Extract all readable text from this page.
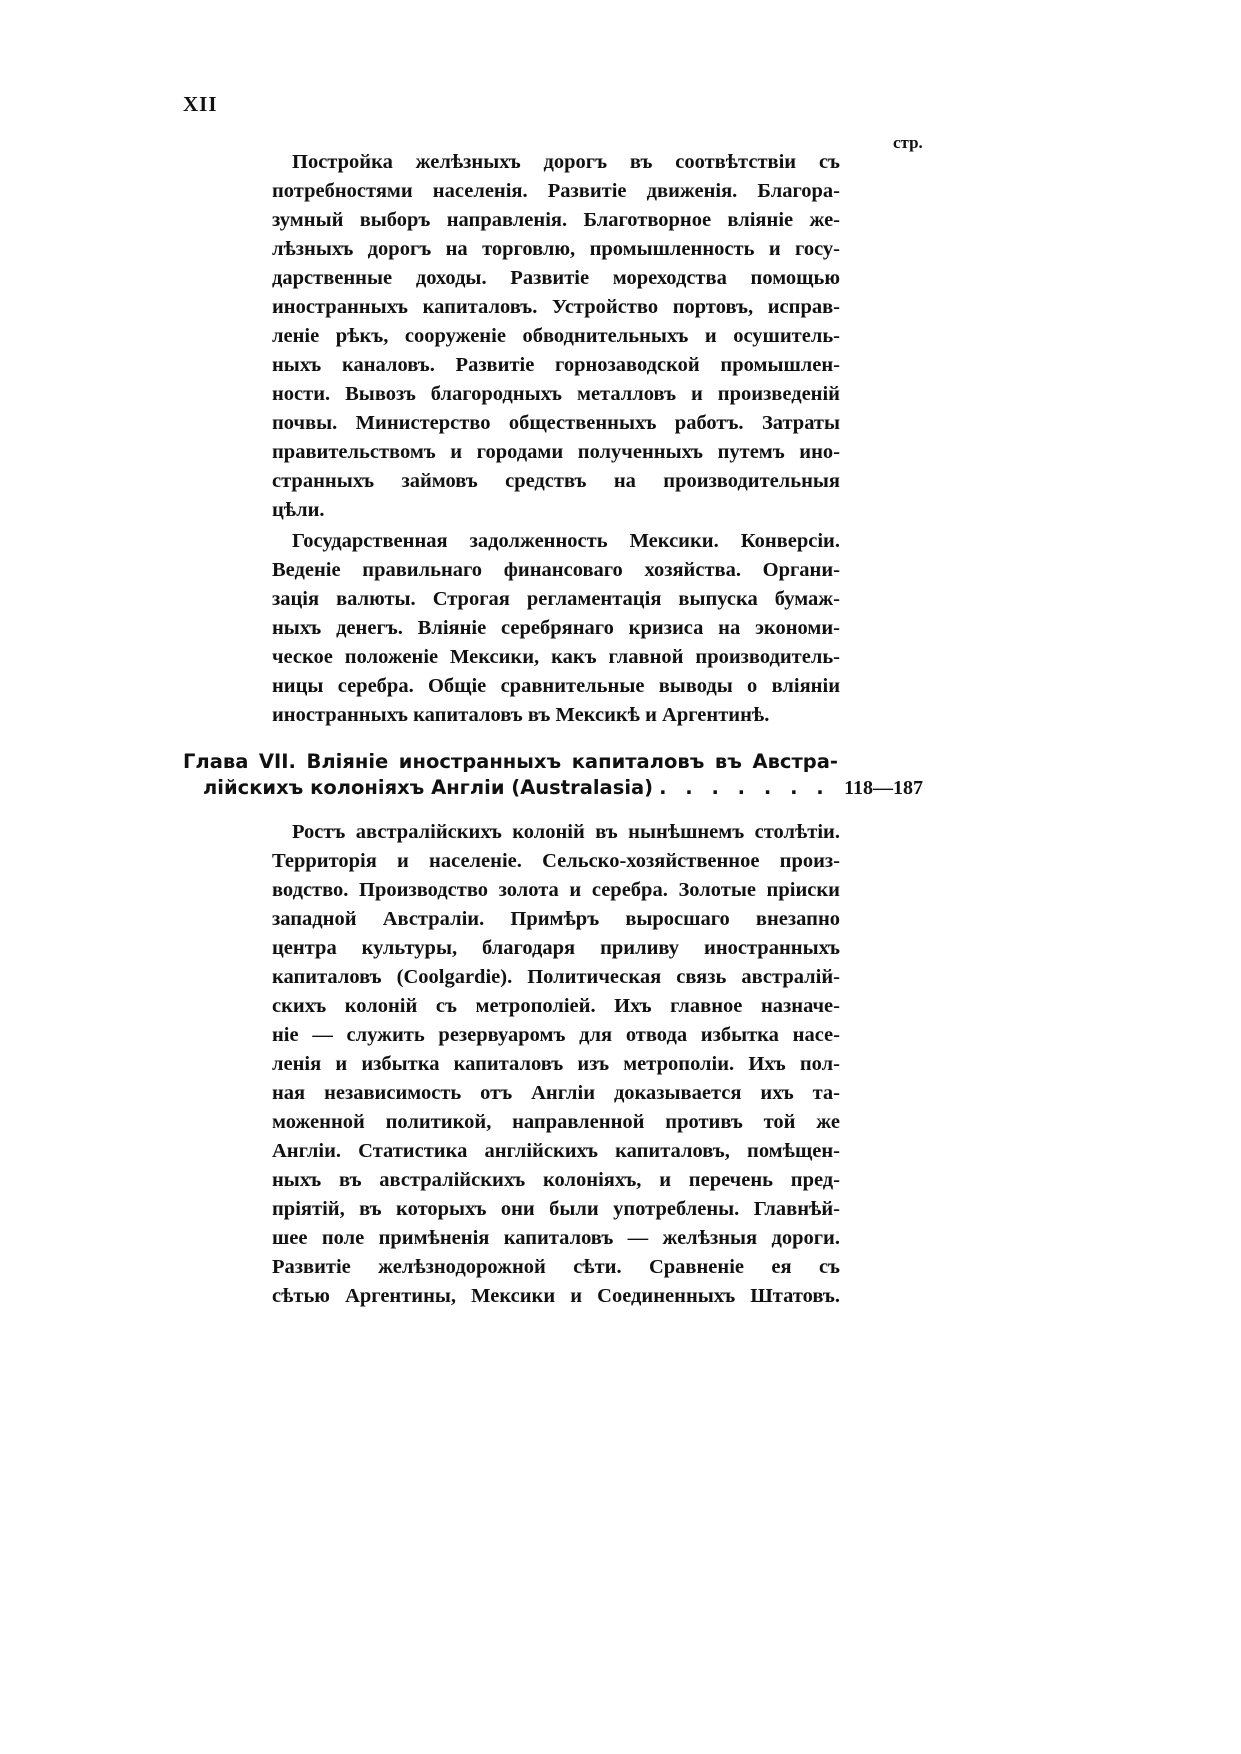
XII
стр.
Постройка желѣзныхъ дорогъ въ соотвѣтствіи съ
потребностями населенія. Развитіе движенія. Благора-
зумный выборъ направленія. Благотворное вліяніе же-
лѣзныхъ дорогъ на торговлю, промышленность и госу-
дарственные доходы. Развитіе мореходства помощью
иностранныхъ капиталовъ. Устройство портовъ, исправ-
леніе рѣкъ, сооруженіе обводнительныхъ и осушитель-
ныхъ каналовъ. Развитіе горнозаводской промышлен-
ности. Вывозъ благородныхъ металловъ и произведеній
почвы. Министерство общественныхъ работъ. Затраты
правительствомъ и городами полученныхъ путемъ ино-
странныхъ займовъ средствъ на производительныя
цѣли.
Государственная задолженность Мексики. Конверсіи.
Веденіе правильнаго финансоваго хозяйства. Органи-
зація валюты. Строгая регламентація выпуска бумаж-
ныхъ денегъ. Вліяніе серебрянаго кризиса на экономи-
ческое положеніе Мексики, какъ главной производитель-
ницы серебра. Общіе сравнительные выводы о вліяніи
иностранныхъ капиталовъ въ Мексикѣ и Аргентинѣ.
Глава VII. Вліяніе иностранныхъ капиталовъ въ Австра-
лійскихъ колоніяхъ Англіи (Australasia) . . . . . . . 118—187
Ростъ австралійскихъ колоній въ нынѣшнемъ столѣтіи.
Территорія и населеніе. Сельско-хозяйственное произ-
водство. Производство золота и серебра. Золотые пріиски
западной Австраліи. Примѣръ выросшаго внезапно
центра культуры, благодаря приливу иностранныхъ
капиталовъ (Coolgardie). Политическая связь австралій-
скихъ колоній съ метрополіей. Ихъ главное назначе-
ніе — служить резервуаромъ для отвода избытка насе-
ленія и избытка капиталовъ изъ метрополіи. Ихъ пол-
ная независимость отъ Англіи доказывается ихъ та-
моженной политикой, направленной противъ той же
Англіи. Статистика англійскихъ капиталовъ, помѣщен-
ныхъ въ австралійскихъ колоніяхъ, и перечень пред-
пріятій, въ которыхъ они были употреблены. Главнѣй-
шее поле примѣненія капиталовъ — желѣзныя дороги.
Развитіе желѣзнодорожной сѣти. Сравненіе ея съ
сѣтью Аргентины, Мексики и Соединенныхъ Штатовъ.
